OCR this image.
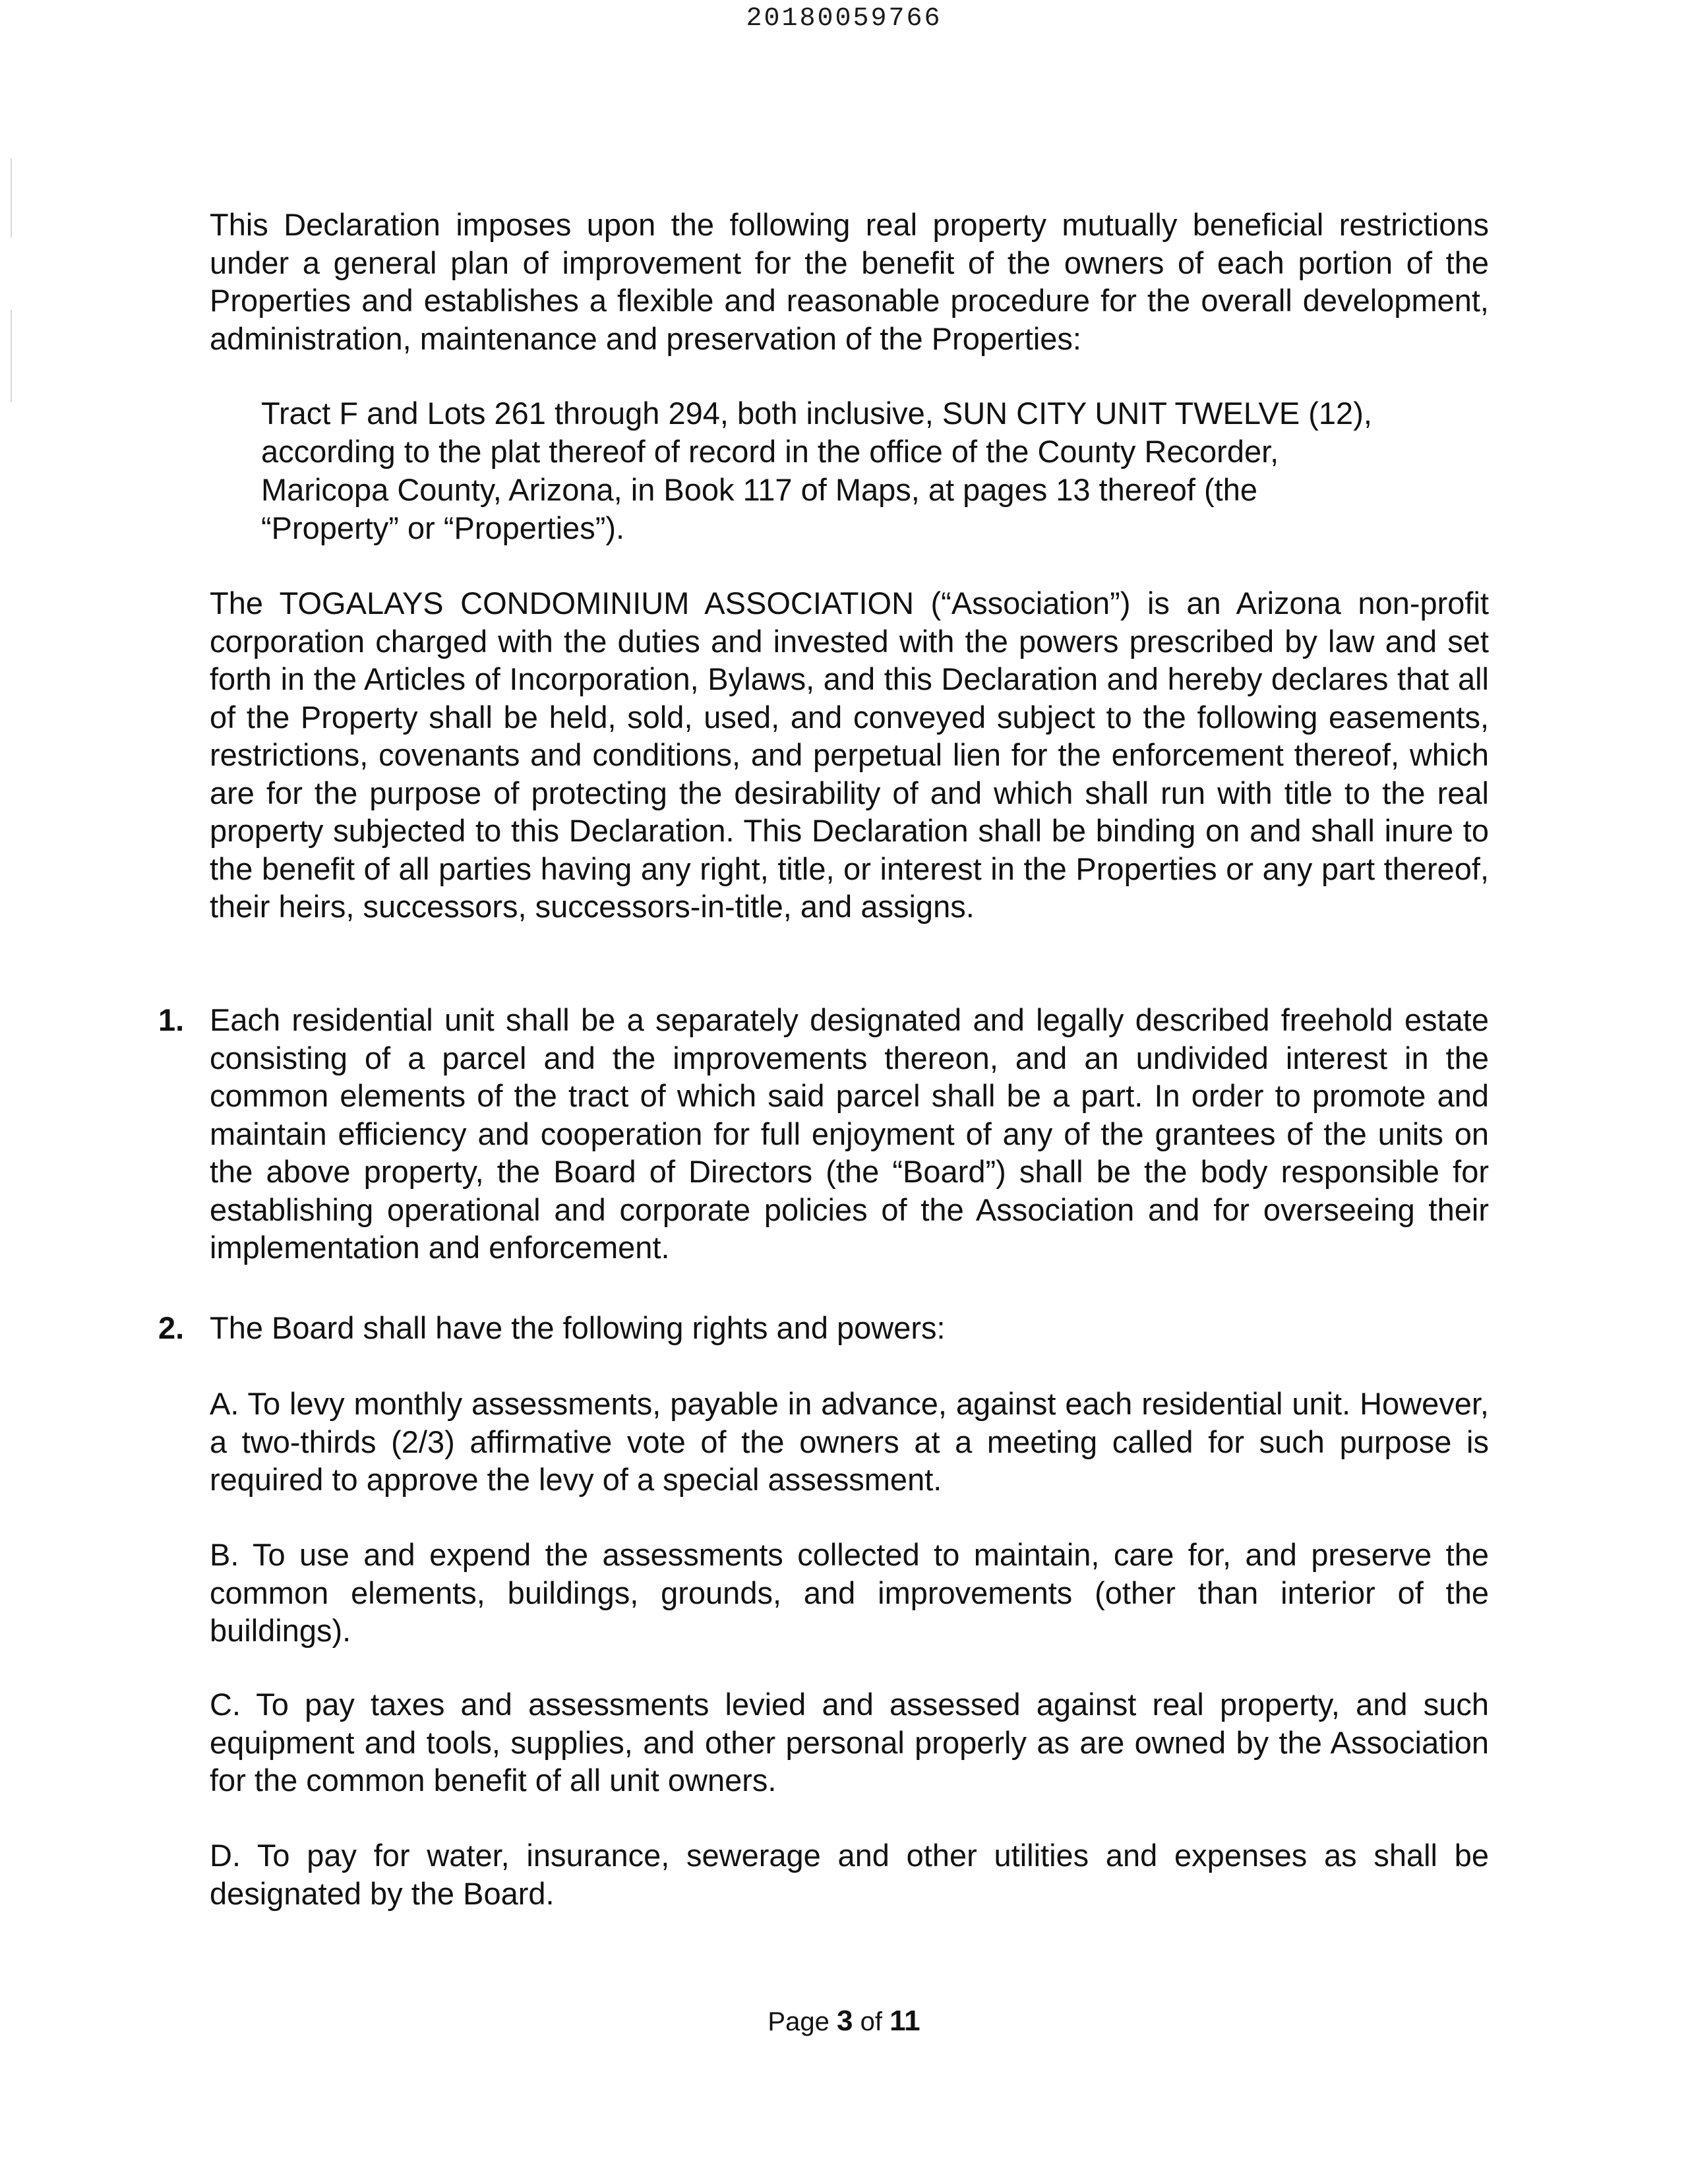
20180059766

This Declaration imposes upon the following real property mutually beneficial restrictions under a general plan of improvement for the benefit of the owners of each portion of the Properties and establishes a flexible and reasonable procedure for the overall development, administration, maintenance and preservation of the Properties:

Tract F and Lots 261 through 294, both inclusive, SUN CITY UNIT TWELVE (12),

according to the plat thereof of record in the office of the County Recorder,

Maricopa County, Arizona, in Book 117 of Maps, at pages 13 thereof (the

“Property” or “Properties”).

The TOGALAYS CONDOMINIUM ASSOCIATION (“Association”) is an Arizona non-profit corporation charged with the duties and invested with the powers prescribed by law and set forth in the Articles of Incorporation, Bylaws, and this Declaration and hereby declares that all of the Property shall be held, sold, used, and conveyed subject to the following easements, restrictions, covenants and conditions, and perpetual lien for the enforcement thereof, which are for the purpose of protecting the desirability of and which shall run with title to the real property subjected to this Declaration. This Declaration shall be binding on and shall inure to the benefit of all parties having any right, title, or interest in the Properties or any part thereof, their heirs, successors, successors-in-title, and assigns.

1. Each residential unit shall be a separately designated and legally described freehold estate consisting of a parcel and the improvements thereon, and an undivided interest in the common elements of the tract of which said parcel shall be a part. In order to promote and maintain efficiency and cooperation for full enjoyment of any of the grantees of the units on the above property, the Board of Directors (the “Board”) shall be the body responsible for establishing operational and corporate policies of the Association and for overseeing their implementation and enforcement.

2. The Board shall have the following rights and powers:

A. To levy monthly assessments, payable in advance, against each residential unit. However, a two-thirds (2/3) affirmative vote of the owners at a meeting called for such purpose is required to approve the levy of a special assessment.

B. To use and expend the assessments collected to maintain, care for, and preserve the common elements, buildings, grounds, and improvements (other than interior of the buildings).

C. To pay taxes and assessments levied and assessed against real property, and such equipment and tools, supplies, and other personal properly as are owned by the Association for the common benefit of all unit owners.

D. To pay for water, insurance, sewerage and other utilities and expenses as shall be designated by the Board.

Page 3 of 11
